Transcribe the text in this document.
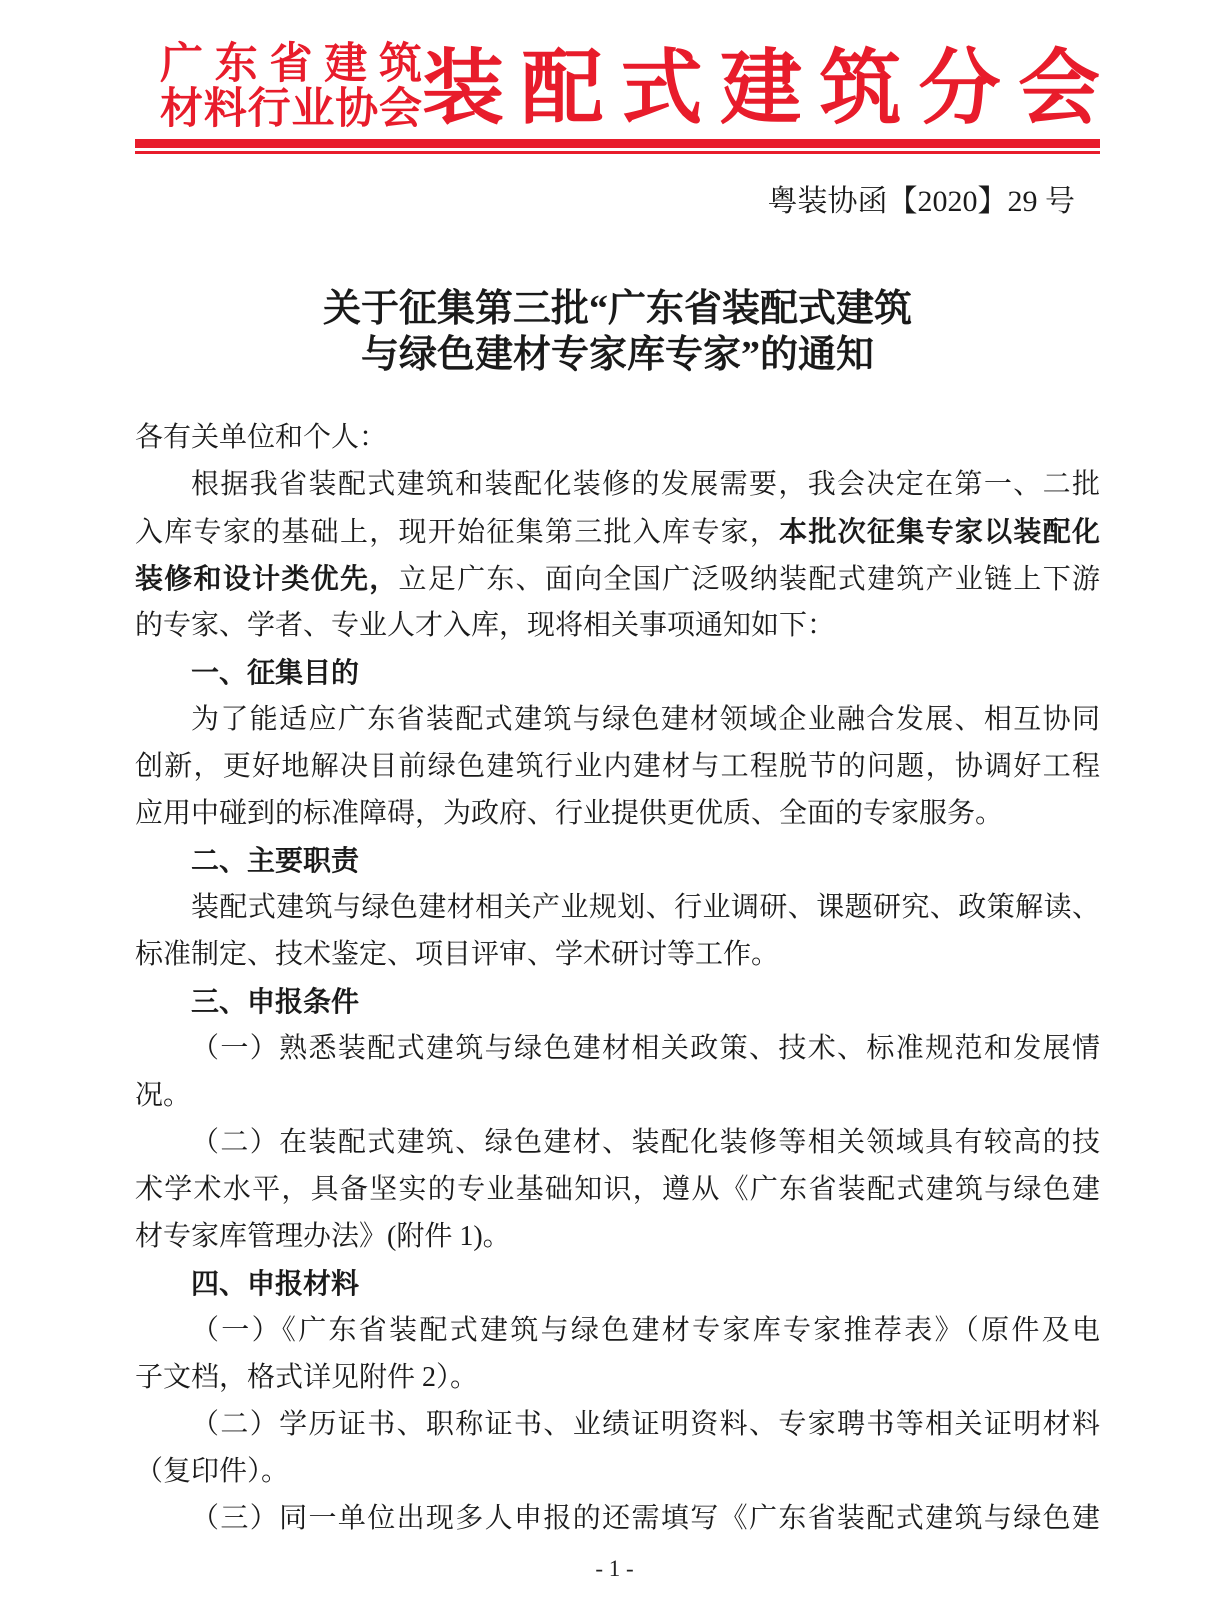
广东省建筑
材料行业协会 装配式建筑分会
粤装协函【2020】29 号
关于征集第三批“广东省装配式建筑
与绿色建材专家库专家”的通知
各有关单位和个人：
根据我省装配式建筑和装配化装修的发展需要，我会决定在第一、二批
入库专家的基础上，现开始征集第三批入库专家，本批次征集专家以装配化
装修和设计类优先，立足广东、面向全国广泛吸纳装配式建筑产业链上下游
的专家、学者、专业人才入库，现将相关事项通知如下：
一、征集目的
为了能适应广东省装配式建筑与绿色建材领域企业融合发展、相互协同
创新，更好地解决目前绿色建筑行业内建材与工程脱节的问题，协调好工程
应用中碰到的标准障碍，为政府、行业提供更优质、全面的专家服务。
二、主要职责
装配式建筑与绿色建材相关产业规划、行业调研、课题研究、政策解读、
标准制定、技术鉴定、项目评审、学术研讨等工作。
三、申报条件
（一）熟悉装配式建筑与绿色建材相关政策、技术、标准规范和发展情
况。
（二）在装配式建筑、绿色建材、装配化装修等相关领域具有较高的技
术学术水平，具备坚实的专业基础知识，遵从《广东省装配式建筑与绿色建
材专家库管理办法》(附件 1)。
四、申报材料
（一）《广东省装配式建筑与绿色建材专家库专家推荐表》（原件及电
子文档，格式详见附件 2）。
（二）学历证书、职称证书、业绩证明资料、专家聘书等相关证明材料
（复印件）。
（三）同一单位出现多人申报的还需填写《广东省装配式建筑与绿色建
- 1 -
